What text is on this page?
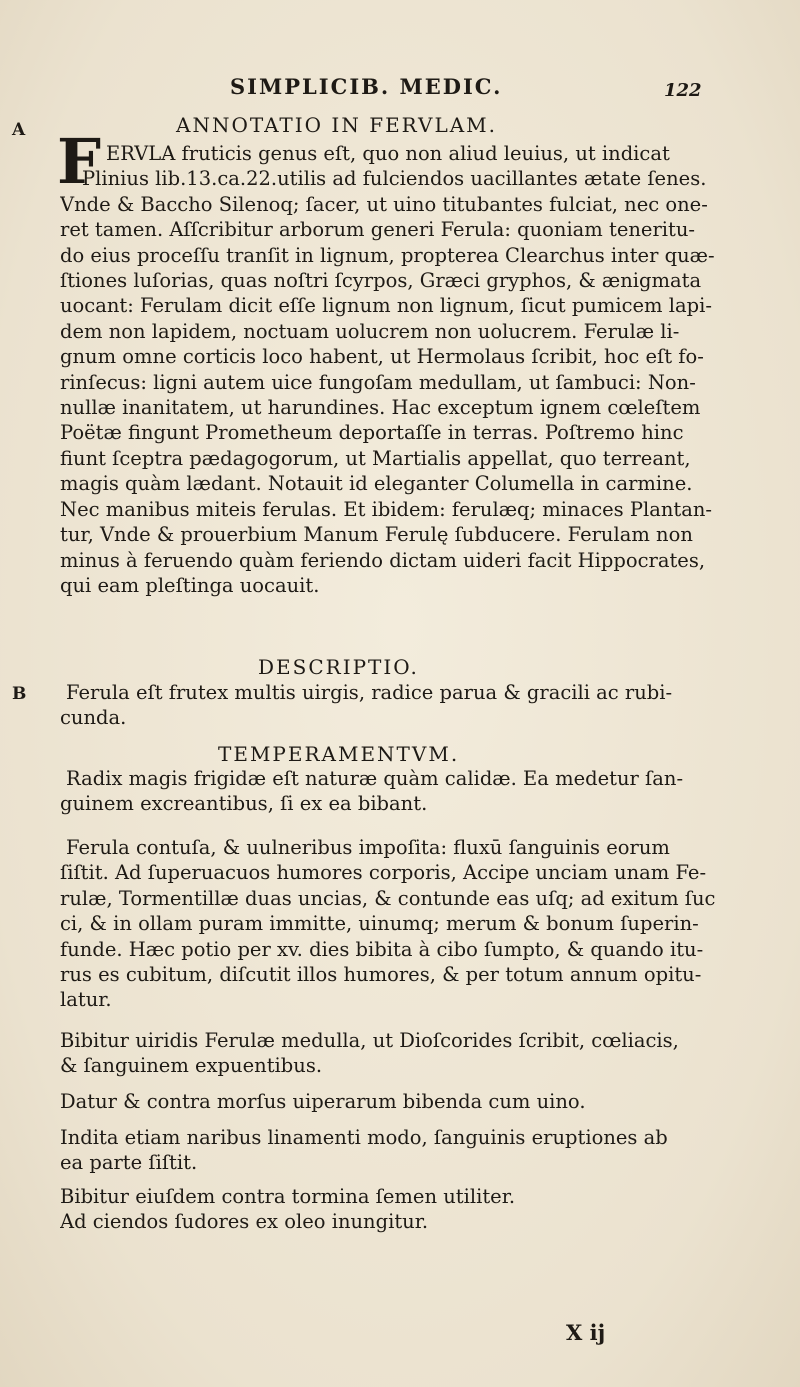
SIMPLICIB. MEDIC.	122
A	ANNOTATIO IN FERVLAM.
F ERVLA fruticis genus eſt, quo non aliud leuius, ut indicat
Plinius lib.13.ca.22.utilis ad fulciendos uacillantes ætate ſenes.
Vnde & Baccho Silenoq; ſacer, ut uino titubantes fulciat, nec one-
ret tamen. Aſſcribitur arborum generi Ferula: quoniam teneritu-
do eius proceſſu tranſit in lignum, propterea Clearchus inter quæ-
ſtiones luſorias, quas noſtri ſcyrpos, Græci gryphos, & ænigmata
uocant: Ferulam dicit eſſe lignum non lignum, ſicut pumicem lapi-
dem non lapidem, noctuam uolucrem non uolucrem. Ferulæ li-
gnum omne corticis loco habent, ut Hermolaus ſcribit, hoc eſt fo-
rinſecus: ligni autem uice fungoſam medullam, ut ſambuci: Non-
nullæ inanitatem, ut harundines. Hac exceptum ignem cœleſtem
Poëtæ fingunt Prometheum deportaſſe in terras. Poſtremo hinc
fiunt ſceptra pædagogorum, ut Martialis appellat, quo terreant,
magis quàm lædant. Notauit id eleganter Columella in carmine.
Nec manibus miteis ferulas. Et ibidem: ferulæq; minaces Plantan-
tur, Vnde & prouerbium Manum Ferulę ſubducere. Ferulam non
minus à feruendo quàm feriendo dictam uideri facit Hippocrates,
qui eam pleſtinga uocauit.
DESCRIPTIO.
B	Ferula eſt frutex multis uirgis, radice parua & gracili ac rubi-
cunda.
TEMPERAMENTVM.
Radix magis frigidæ eſt naturæ quàm calidæ. Ea medetur ſan-
guinem excreantibus, ſi ex ea bibant.
Ferula contuſa, & uulneribus impoſita: fluxū ſanguinis eorum
ſiſtit. Ad ſuperuacuos humores corporis, Accipe unciam unam Fe-
rulæ, Tormentillæ duas uncias, & contunde eas uſq; ad exitum ſuc
ci, & in ollam puram immitte, uinumq; merum & bonum ſuperin-
funde. Hæc potio per xv. dies bibita à cibo ſumpto, & quando itu-
rus es cubitum, diſcutit illos humores, & per totum annum opitu-
latur.
Bibitur uiridis Ferulæ medulla, ut Dioſcorides ſcribit, cœliacis,
& ſanguinem expuentibus.
Datur & contra morſus uiperarum bibenda cum uino.
Indita etiam naribus linamenti modo, ſanguinis eruptiones ab
ea parte ſiſtit.
Bibitur eiuſdem contra tormina ſemen utiliter.
Ad ciendos ſudores ex oleo inungitur.
X ij
